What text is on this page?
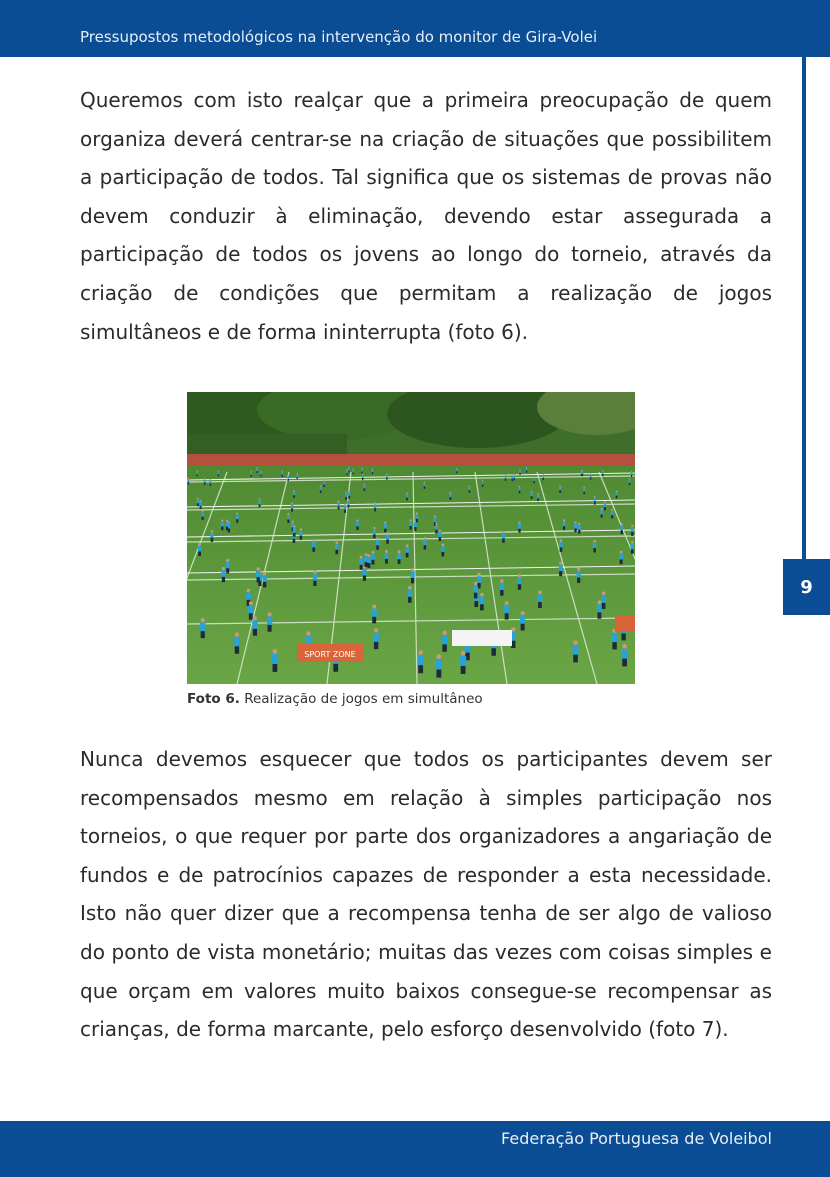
Pressupostos metodológicos na intervenção do monitor de Gira-Volei
9

Queremos com isto realçar que a primeira preocupação de quem organiza deverá centrar-se na criação de situações que possibilitem a participação de todos. Tal significa que os sistemas de provas não devem conduzir à eliminação, devendo estar assegurada a participação de todos os jovens ao longo do torneio, através da criação de condições que permitam a realização de jogos simultâneos e de forma ininterrupta (foto 6).

SPORT ZONE
Foto 6. Realização de jogos em simultâneo

Nunca devemos esquecer que todos os participantes devem ser recompensados mesmo em relação à simples participação nos torneios, o que requer por parte dos organizadores a angariação de fundos e de patrocínios capazes de responder a esta necessidade. Isto não quer dizer que a recompensa tenha de ser algo de valioso do ponto de vista monetário; muitas das vezes com coisas simples e que orçam em valores muito baixos consegue-se recompensar as crianças, de forma marcante, pelo esforço desenvolvido (foto 7).

Federação Portuguesa de Voleibol
